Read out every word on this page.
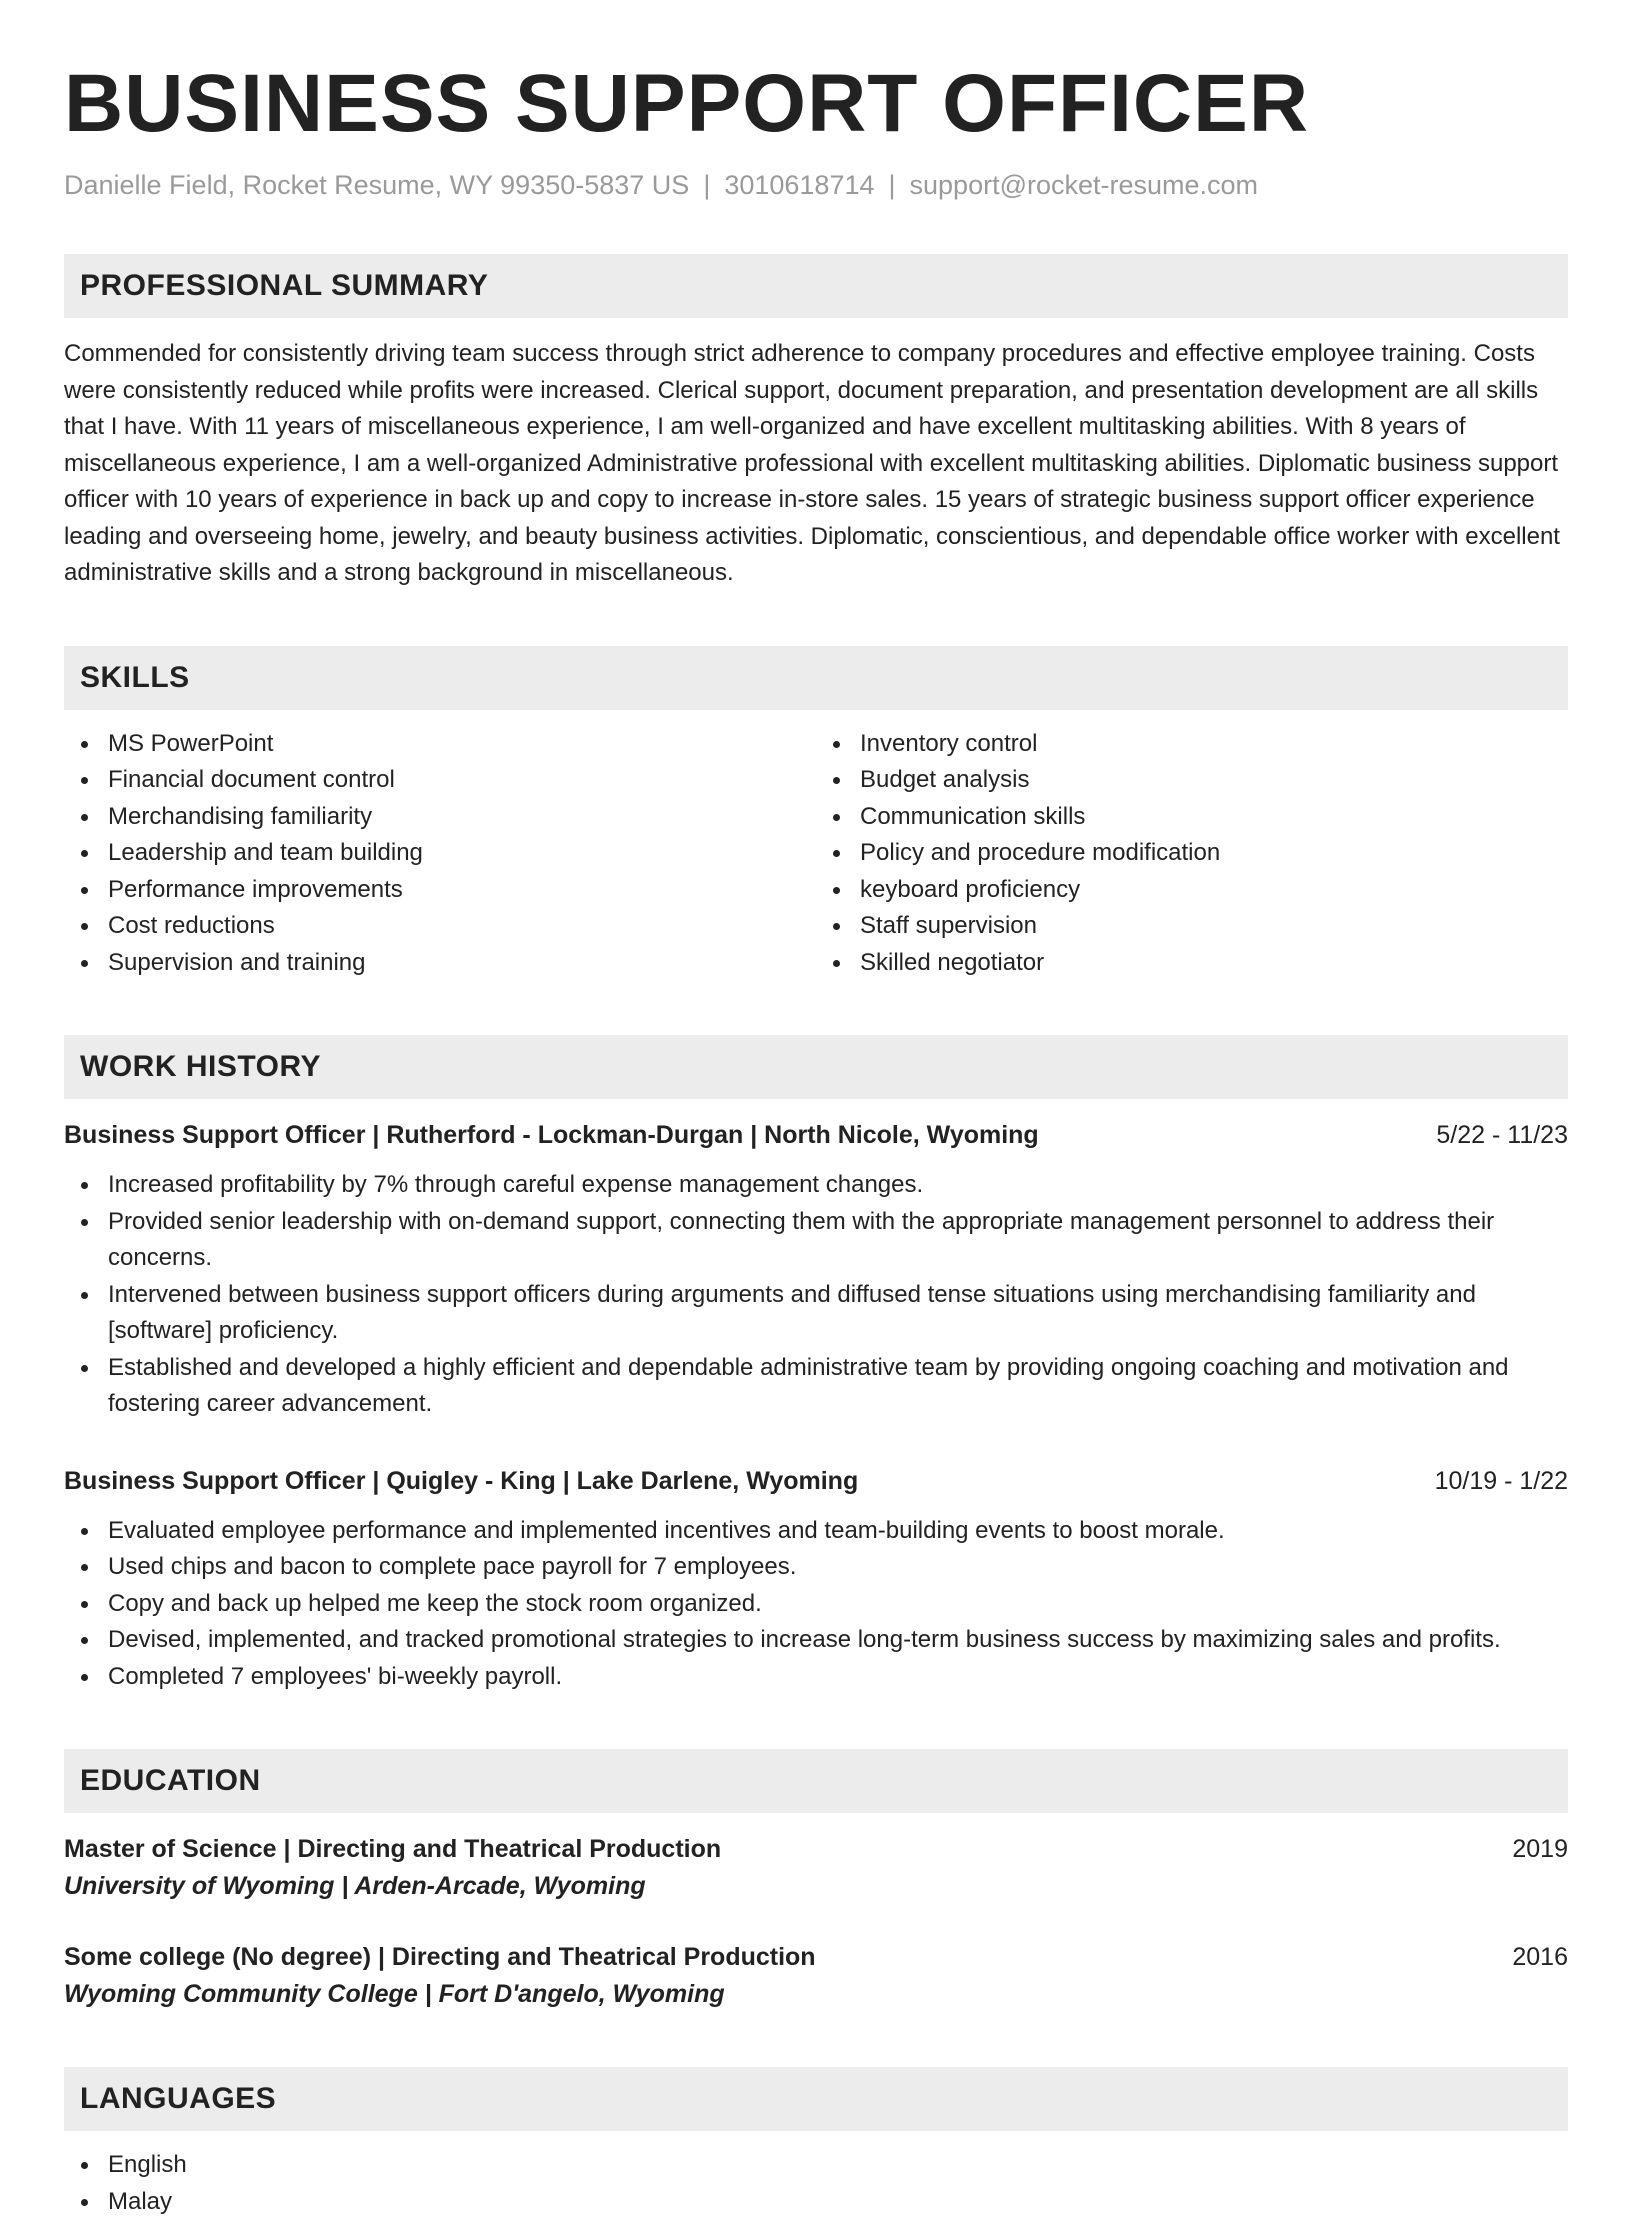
BUSINESS SUPPORT OFFICER
Danielle Field, Rocket Resume, WY 99350-5837 US | 3010618714 | support@rocket-resume.com
PROFESSIONAL SUMMARY
Commended for consistently driving team success through strict adherence to company procedures and effective employee training. Costs were consistently reduced while profits were increased. Clerical support, document preparation, and presentation development are all skills that I have. With 11 years of miscellaneous experience, I am well-organized and have excellent multitasking abilities. With 8 years of miscellaneous experience, I am a well-organized Administrative professional with excellent multitasking abilities. Diplomatic business support officer with 10 years of experience in back up and copy to increase in-store sales. 15 years of strategic business support officer experience leading and overseeing home, jewelry, and beauty business activities. Diplomatic, conscientious, and dependable office worker with excellent administrative skills and a strong background in miscellaneous.
SKILLS
MS PowerPoint
Financial document control
Merchandising familiarity
Leadership and team building
Performance improvements
Cost reductions
Supervision and training
Inventory control
Budget analysis
Communication skills
Policy and procedure modification
keyboard proficiency
Staff supervision
Skilled negotiator
WORK HISTORY
Business Support Officer | Rutherford - Lockman-Durgan | North Nicole, Wyoming	5/22 - 11/23
Increased profitability by 7% through careful expense management changes.
Provided senior leadership with on-demand support, connecting them with the appropriate management personnel to address their concerns.
Intervened between business support officers during arguments and diffused tense situations using merchandising familiarity and [software] proficiency.
Established and developed a highly efficient and dependable administrative team by providing ongoing coaching and motivation and fostering career advancement.
Business Support Officer | Quigley - King | Lake Darlene, Wyoming	10/19 - 1/22
Evaluated employee performance and implemented incentives and team-building events to boost morale.
Used chips and bacon to complete pace payroll for 7 employees.
Copy and back up helped me keep the stock room organized.
Devised, implemented, and tracked promotional strategies to increase long-term business success by maximizing sales and profits.
Completed 7 employees' bi-weekly payroll.
EDUCATION
Master of Science | Directing and Theatrical Production	2019
University of Wyoming | Arden-Arcade, Wyoming
Some college (No degree) | Directing and Theatrical Production	2016
Wyoming Community College | Fort D'angelo, Wyoming
LANGUAGES
English
Malay
